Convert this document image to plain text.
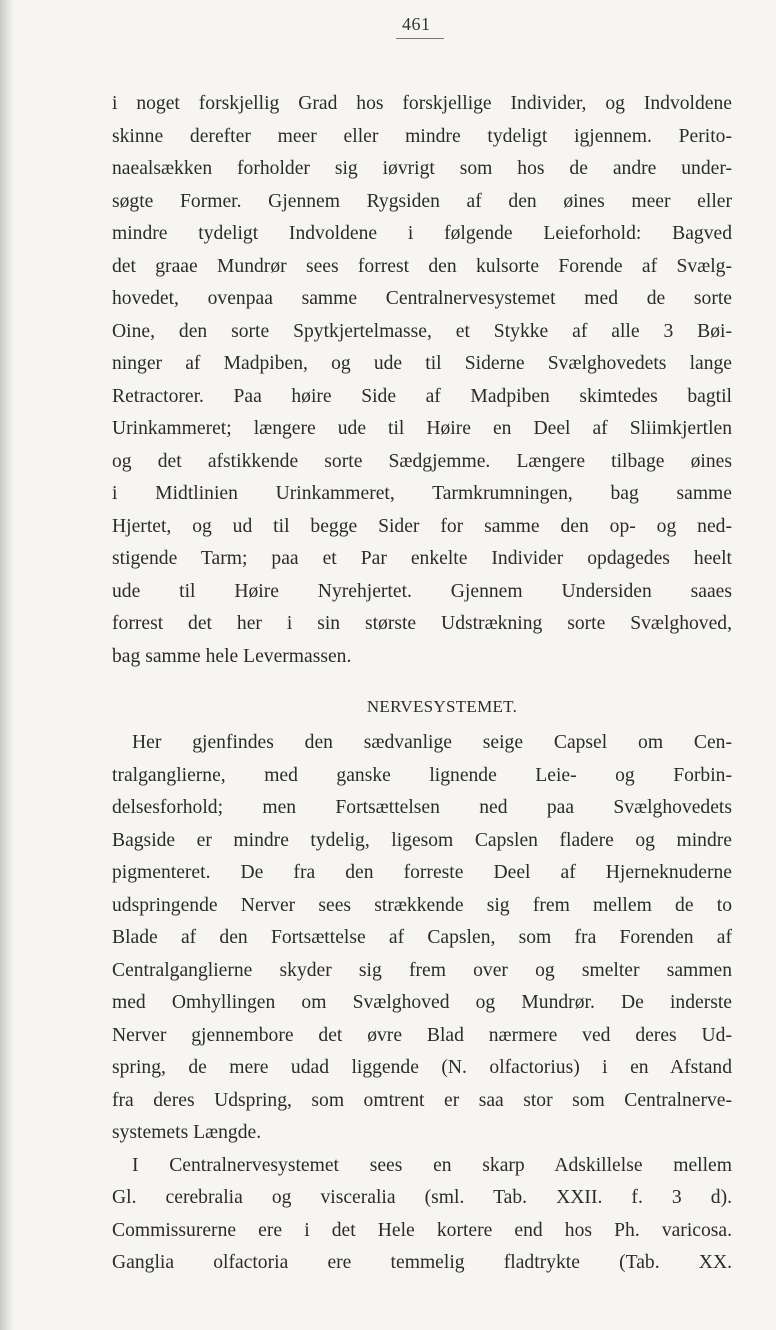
461
i noget forskjellig Grad hos forskjellige Individer, og Indvoldene
skinne derefter meer eller mindre tydeligt igjennem. Perito-
naealsækken forholder sig iøvrigt som hos de andre under-
søgte Former. Gjennem Rygsiden af den øines meer eller
mindre tydeligt Indvoldene i følgende Leieforhold: Bagved
det graae Mundrør sees forrest den kulsorte Forende af Svælg-
hovedet, ovenpaa samme Centralnervesystemet med de sorte
Oine, den sorte Spytkjertelmasse, et Stykke af alle 3 Bøi-
ninger af Madpiben, og ude til Siderne Svælghovedets lange
Retractorer. Paa høire Side af Madpiben skimtedes bagtil
Urinkammeret; længere ude til Høire en Deel af Sliimkjertlen
og det afstikkende sorte Sædgjemme. Længere tilbage øines
i Midtlinien Urinkammeret, Tarmkrumningen, bag samme
Hjertet, og ud til begge Sider for samme den op- og ned-
stigende Tarm; paa et Par enkelte Individer opdagedes heelt
ude til Høire Nyrehjertet. Gjennem Undersiden saaes
forrest det her i sin største Udstrækning sorte Svælghoved,
bag samme hele Levermassen.
NERVESYSTEMET.
Her gjenfindes den sædvanlige seige Capsel om Cen-
tralganglierne, med ganske lignende Leie- og Forbin-
delsesforhold; men Fortsættelsen ned paa Svælghovedets
Bagside er mindre tydelig, ligesom Capslen fladere og mindre
pigmenteret. De fra den forreste Deel af Hjerneknuderne
udspringende Nerver sees strækkende sig frem mellem de to
Blade af den Fortsættelse af Capslen, som fra Forenden af
Centralganglierne skyder sig frem over og smelter sammen
med Omhyllingen om Svælghoved og Mundrør. De inderste
Nerver gjennembore det øvre Blad nærmere ved deres Ud-
spring, de mere udad liggende (N. olfactorius) i en Afstand
fra deres Udspring, som omtrent er saa stor som Centralnerve-
systemets Længde.
I Centralnervesystemet sees en skarp Adskillelse mellem
Gl. cerebralia og visceralia (sml. Tab. XXII. f. 3 d).
Commissurerne ere i det Hele kortere end hos Ph. varicosa.
Ganglia olfactoria ere temmelig fladtrykte (Tab. XX.
